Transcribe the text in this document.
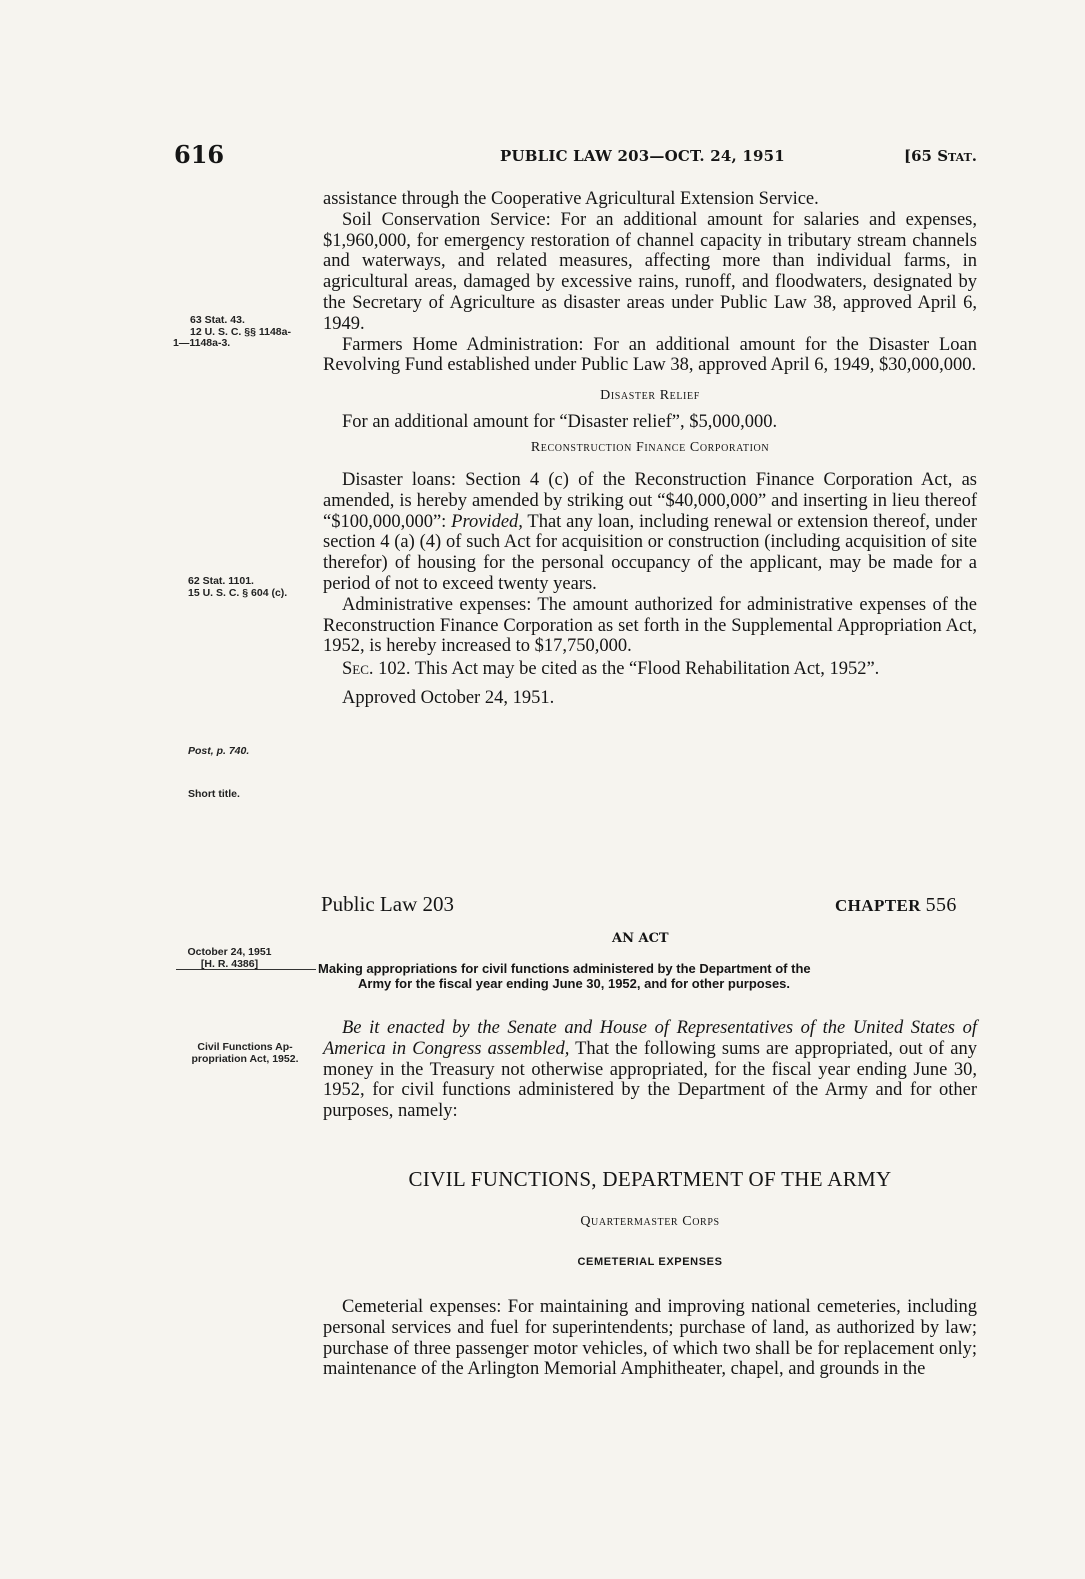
616	PUBLIC LAW 203—OCT. 24, 1951	[65 Stat.
63 Stat. 43.
12 U. S. C. §§ 1148a-
1—1148a-3.
62 Stat. 1101.
15 U. S. C. § 604 (c).
Post, p. 740.
Short title.
October 24, 1951
[H. R. 4386]
Civil Functions Ap-
propriation Act, 1952.

assistance through the Cooperative Agricultural Extension Service.

Soil Conservation Service: For an additional amount for salaries and expenses, $1,960,000, for emergency restoration of channel capacity in tributary stream channels and waterways, and related measures, affecting more than individual farms, in agricultural areas, damaged by excessive rains, runoff, and floodwaters, designated by the Secretary of Agriculture as disaster areas under Public Law 38, approved April 6, 1949.

Farmers Home Administration: For an additional amount for the Disaster Loan Revolving Fund established under Public Law 38, approved April 6, 1949, $30,000,000.

Disaster Relief

For an additional amount for “Disaster relief”, $5,000,000.

Reconstruction Finance Corporation

Disaster loans: Section 4 (c) of the Reconstruction Finance Corporation Act, as amended, is hereby amended by striking out “$40,000,000” and inserting in lieu thereof “$100,000,000”: Provided, That any loan, including renewal or extension thereof, under section 4 (a) (4) of such Act for acquisition or construction (including acquisition of site therefor) of housing for the personal occupancy of the applicant, may be made for a period of not to exceed twenty years.

Administrative expenses: The amount authorized for administrative expenses of the Reconstruction Finance Corporation as set forth in the Supplemental Appropriation Act, 1952, is hereby increased to $17,750,000.

Sec. 102. This Act may be cited as the “Flood Rehabilitation Act, 1952”.

Approved October 24, 1951.

Public Law 203	CHAPTER 556
AN ACT
Making appropriations for civil functions administered by the Department of the
Army for the fiscal year ending June 30, 1952, and for other purposes.

Be it enacted by the Senate and House of Representatives of the United States of America in Congress assembled, That the following sums are appropriated, out of any money in the Treasury not otherwise appropriated, for the fiscal year ending June 30, 1952, for civil functions administered by the Department of the Army and for other purposes, namely:

CIVIL FUNCTIONS, DEPARTMENT OF THE ARMY
Quartermaster Corps
CEMETERIAL EXPENSES

Cemeterial expenses: For maintaining and improving national cemeteries, including personal services and fuel for superintendents; purchase of land, as authorized by law; purchase of three passenger motor vehicles, of which two shall be for replacement only; maintenance of the Arlington Memorial Amphitheater, chapel, and grounds in the
